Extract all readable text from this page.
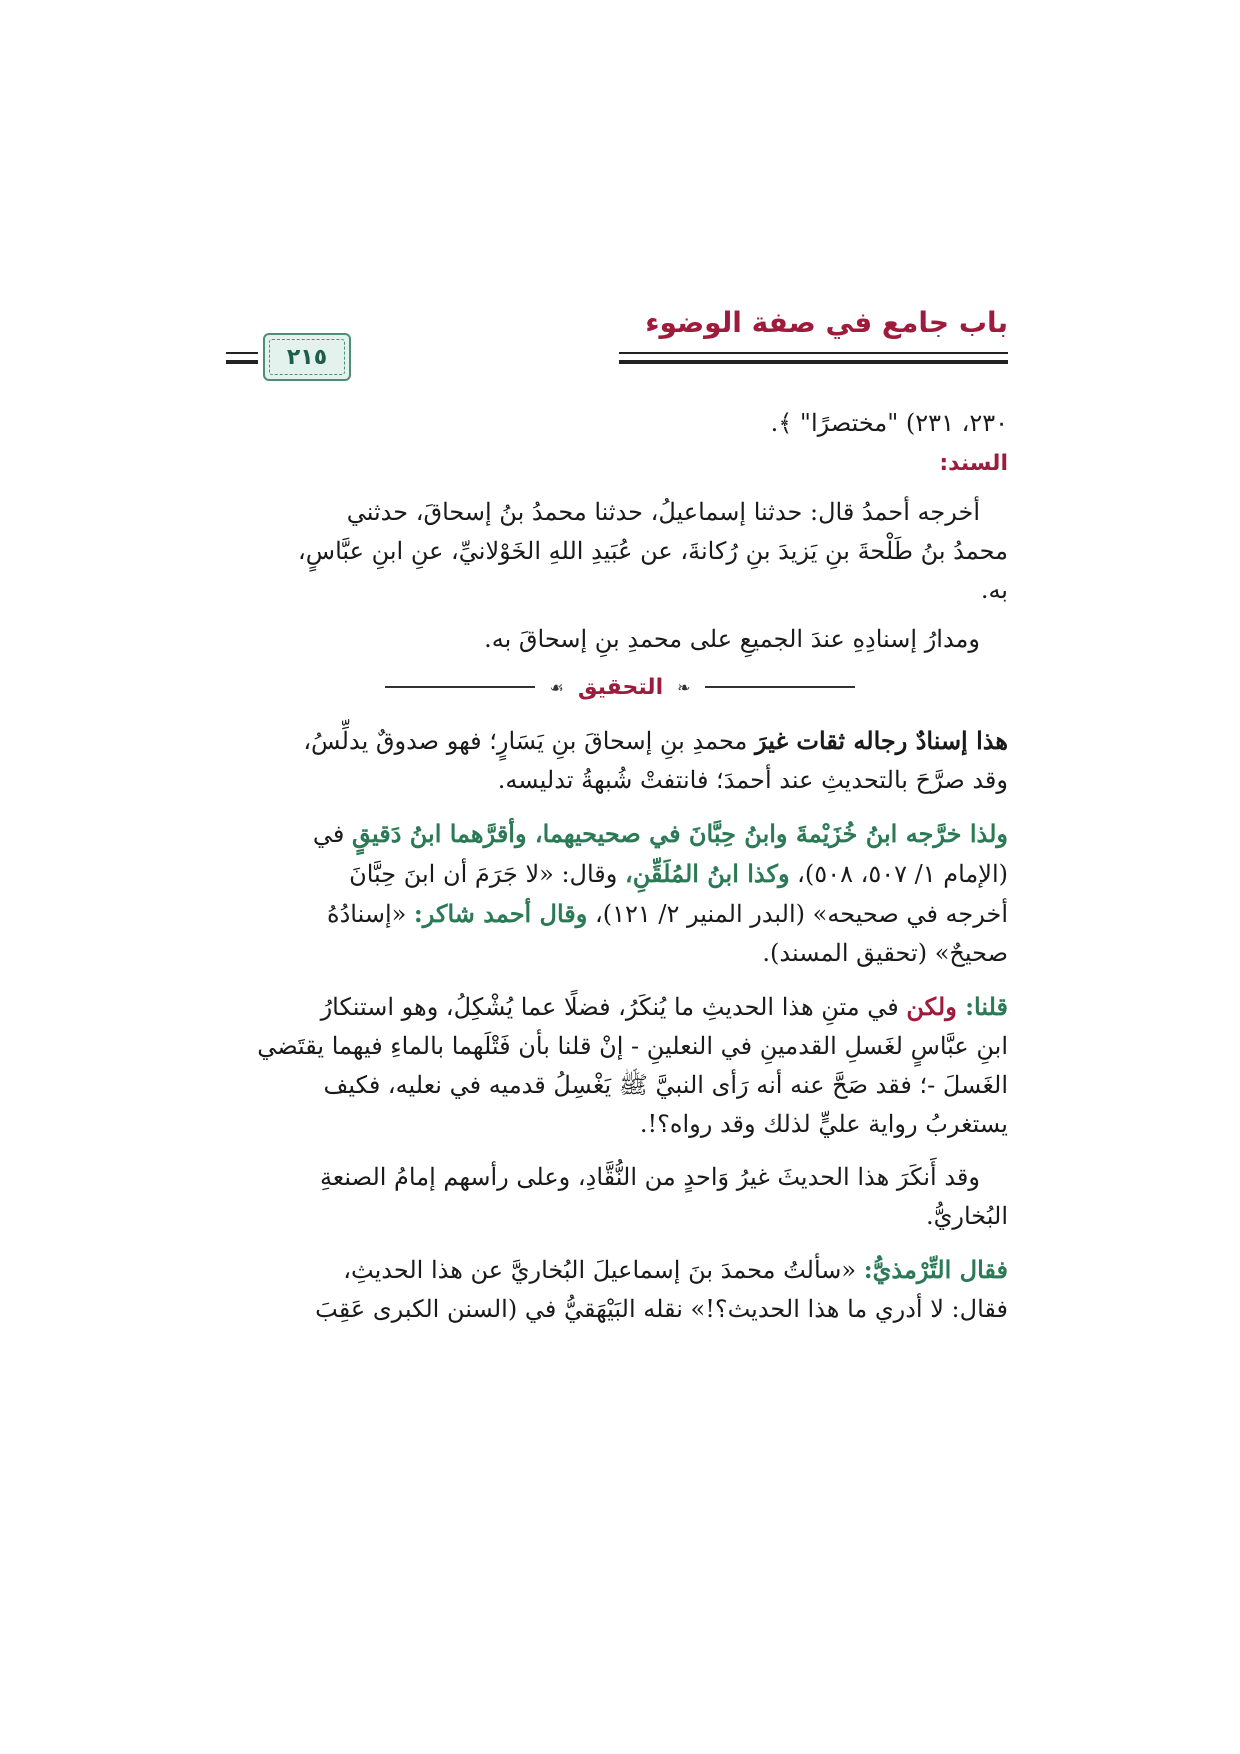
باب جامع في صفة الوضوء
٢١٥

٢٣٠، ٢٣١) "مختصرًا" ﴾.

السند:

أخرجه أحمدُ قال: حدثنا إسماعيلُ، حدثنا محمدُ بنُ إسحاقَ، حدثني

محمدُ بنُ طَلْحةَ بنِ يَزيدَ بنِ رُكانةَ، عن عُبَيدِ اللهِ الخَوْلانيِّ، عنِ ابنِ عبَّاسٍ،

به.

ومدارُ إسنادِهِ عندَ الجميعِ على محمدِ بنِ إسحاقَ به.

❧
التحقيق
☙

هذا إسنادٌ رجاله ثقات غيرَ محمدِ بنِ إسحاقَ بنِ يَسَارٍ؛ فهو صدوقٌ يدلِّسُ،

وقد صرَّحَ بالتحديثِ عند أحمدَ؛ فانتفتْ شُبهةُ تدليسه.

ولذا خرَّجه ابنُ خُزَيْمةَ وابنُ حِبَّانَ في صحيحيهما، وأقرَّهما ابنُ دَقيقٍ في

(الإمام ١/ ٥٠٧، ٥٠٨)، وكذا ابنُ المُلَقِّنِ، وقال: «لا جَرَمَ أن ابنَ حِبَّانَ

أخرجه في صحيحه» (البدر المنير ٢/ ١٢١)، وقال أحمد شاكر: «إسنادُهُ

صحيحٌ» (تحقيق المسند).

قلنا: ولكن في متنِ هذا الحديثِ ما يُنكَرُ، فضلًا عما يُشْكِلُ، وهو استنكارُ

ابنِ عبَّاسٍ لغَسلِ القدمينِ في النعلينِ - إنْ قلنا بأن فَتْلَهما بالماءِ فيهما يقتَضي

الغَسلَ -؛ فقد صَحَّ عنه أنه رَأى النبيَّ ﷺ يَغْسِلُ قدميه في نعليه، فكيف

يستغربُ رواية عليٍّ لذلك وقد رواه؟!.

وقد أَنكَرَ هذا الحديثَ غيرُ وَاحدٍ من النُّقَّادِ، وعلى رأسهم إمامُ الصنعةِ

البُخاريُّ.

فقال التِّرْمذيُّ: «سألتُ محمدَ بنَ إسماعيلَ البُخاريَّ عن هذا الحديثِ،

فقال: لا أدري ما هذا الحديث؟!» نقله البَيْهَقيُّ في (السنن الكبرى عَقِبَ
